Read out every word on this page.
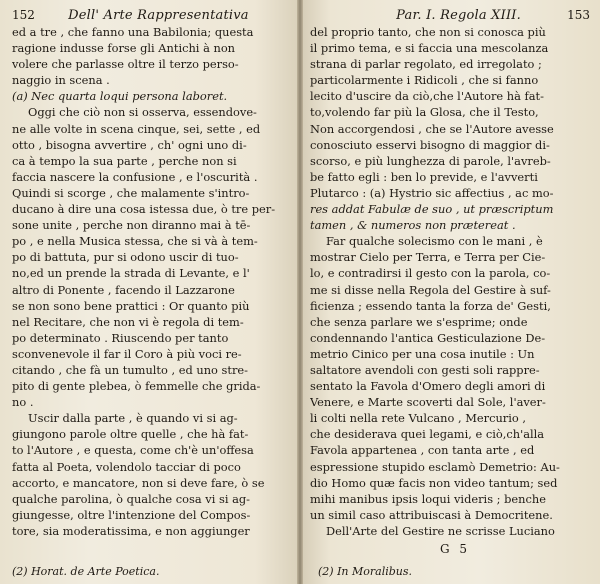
152	Dell' Arte Rappresentativa
ed a tre , che fanno una Babilonia; questa
ragione indusse forse gli Antichi à non
volere che parlasse oltre il terzo perso-
naggio in scena .
(a) Nec quarta loqui persona laboret.
Oggi che ciò non si osserva, essendove-
ne alle volte in scena cinque, sei, sette , ed
otto , bisogna avvertire , ch' ogni uno di-
ca à tempo la sua parte , perche non si
faccia nascere la confusione , e l'oscurità .
Quindi si scorge , che malamente s'intro-
ducano à dire una cosa istessa due, ò tre per-
sone unite , perche non diranno mai à tē-
po , e nella Musica stessa, che si và à tem-
po di battuta, pur si odono uscir di tuo-
no,ed un prende la strada di Levante, e l'
altro di Ponente , facendo il Lazzarone
se non sono bene prattici : Or quanto più
nel Recitare, che non vi è regola di tem-
po determinato . Riuscendo per tanto
sconvenevole il far il Coro à più voci re-
citando , che fà un tumulto , ed uno stre-
pito di gente plebea, ò femmelle che grida-
no .
Uscir dalla parte , è quando vi si ag-
giungono parole oltre quelle , che hà fat-
to l'Autore , e questa, come ch'è un'offesa
fatta al Poeta, volendolo tacciar di poco
accorto, e mancatore, non si deve fare, ò se
qualche parolina, ò qualche cosa vi si ag-
giungesse, oltre l'intenzione del Compos-
tore, sia moderatissima, e non aggiunger
(2) Horat. de Arte Poetica.
Par. I. Regola XIII.	153
del proprio tanto, che non si conosca più
il primo tema, e si faccia una mescolanza
strana di parlar regolato, ed irregolato ;
particolarmente i Ridicoli , che si fanno
lecito d'uscire da ciò,che l'Autore hà fat-
to,volendo far più la Glosa, che il Testo,
Non accorgendosi , che se l'Autore avesse
conosciuto esservi bisogno di maggior di-
scorso, e più lunghezza di parole, l'avreb-
be fatto egli : ben lo previde, e l'avverti
Plutarco : (a) Hystrio sic affectius , ac mo-
res addat Fabulæ de suo , ut præscriptum
tamen , & numeros non prætereat .
Far qualche solecismo con le mani , è
mostrar Cielo per Terra, e Terra per Cie-
lo, e contradirsi il gesto con la parola, co-
me si disse nella Regola del Gestire à suf-
ficienza ; essendo tanta la forza de' Gesti,
che senza parlare we s'esprime; onde
condennando l'antica Gesticulazione De-
metrio Cinico per una cosa inutile : Un
saltatore avendoli con gesti soli rappre-
sentato la Favola d'Omero degli amori di
Venere, e Marte scoverti dal Sole, l'aver-
li colti nella rete Vulcano , Mercurio ,
che desiderava quei legami, e ciò,ch'alla
Favola appartenea , con tanta arte , ed
espressione stupido esclamò Demetrio: Au-
dio Homo quæ facis non video tantum; sed
mihi manibus ipsis loqui videris ; benche
un simil caso attribuiscasi à Democritene.
Dell'Arte del Gestire ne scrisse Luciano
G 5
(2) In Moralibus.
